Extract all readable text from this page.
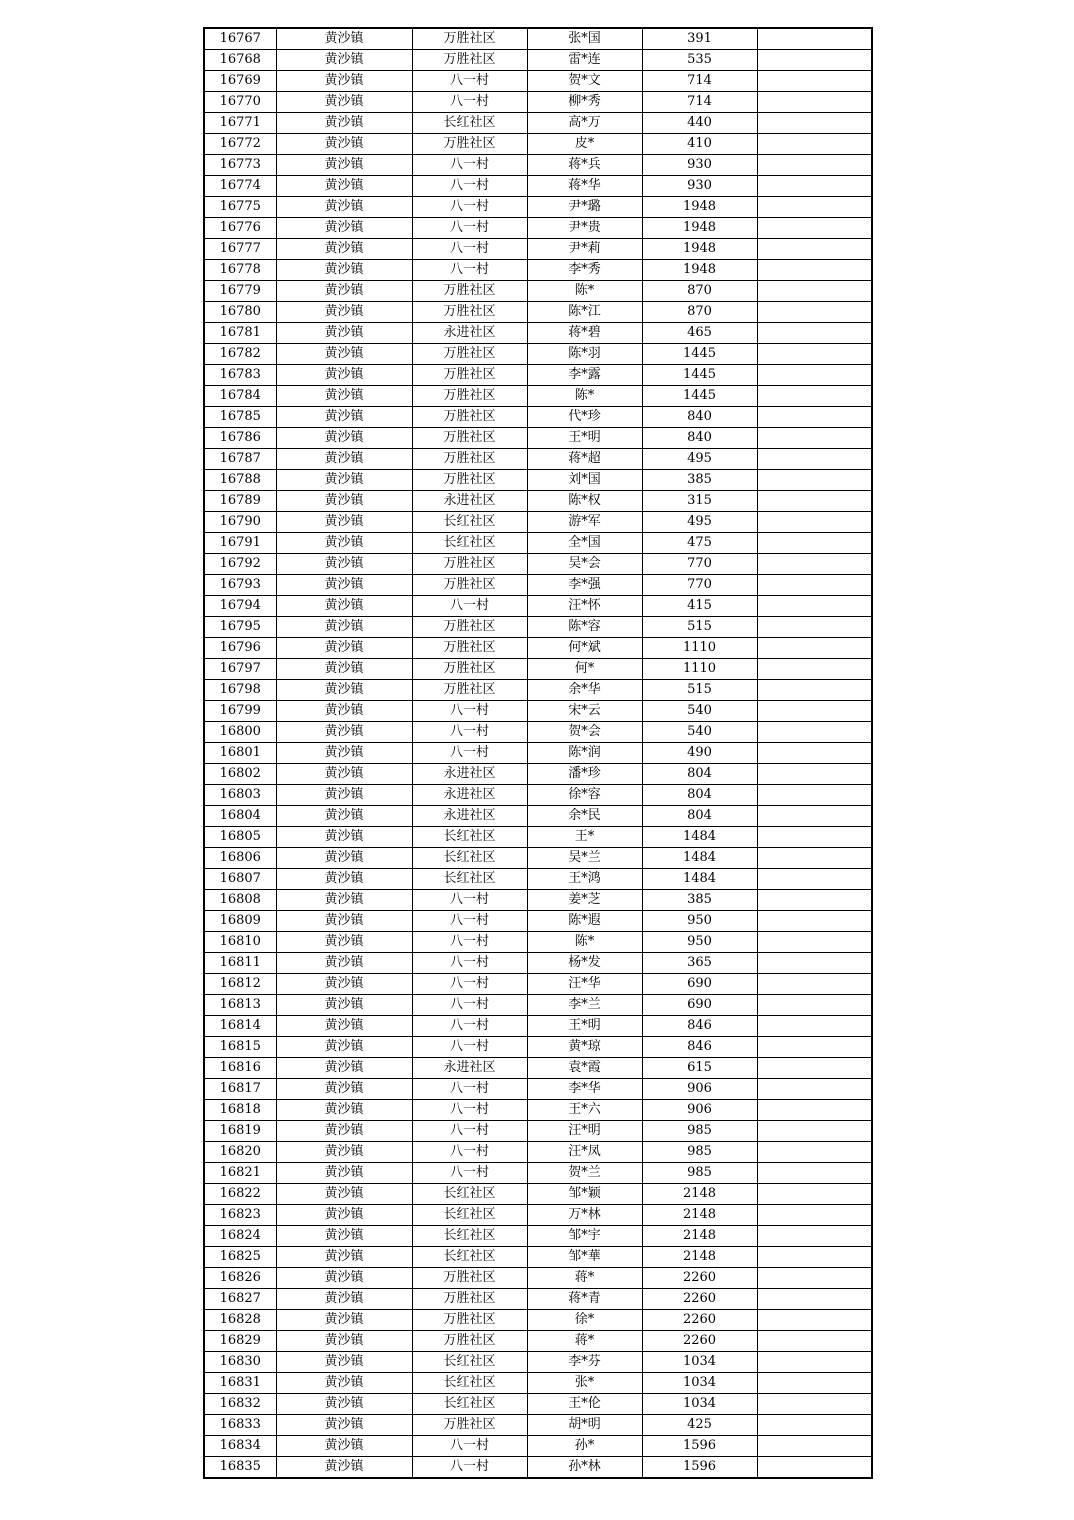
16767	黄沙镇	万胜社区	张*国	391	
16768	黄沙镇	万胜社区	雷*连	535	
16769	黄沙镇	八一村	贺*文	714	
16770	黄沙镇	八一村	柳*秀	714	
16771	黄沙镇	长红社区	高*万	440	
16772	黄沙镇	万胜社区	皮*	410	
16773	黄沙镇	八一村	蒋*兵	930	
16774	黄沙镇	八一村	蒋*华	930	
16775	黄沙镇	八一村	尹*璐	1948	
16776	黄沙镇	八一村	尹*贵	1948	
16777	黄沙镇	八一村	尹*莉	1948	
16778	黄沙镇	八一村	李*秀	1948	
16779	黄沙镇	万胜社区	陈*	870	
16780	黄沙镇	万胜社区	陈*江	870	
16781	黄沙镇	永进社区	蒋*碧	465	
16782	黄沙镇	万胜社区	陈*羽	1445	
16783	黄沙镇	万胜社区	李*露	1445	
16784	黄沙镇	万胜社区	陈*	1445	
16785	黄沙镇	万胜社区	代*珍	840	
16786	黄沙镇	万胜社区	王*明	840	
16787	黄沙镇	万胜社区	蒋*超	495	
16788	黄沙镇	万胜社区	刘*国	385	
16789	黄沙镇	永进社区	陈*权	315	
16790	黄沙镇	长红社区	游*军	495	
16791	黄沙镇	长红社区	全*国	475	
16792	黄沙镇	万胜社区	吴*会	770	
16793	黄沙镇	万胜社区	李*强	770	
16794	黄沙镇	八一村	汪*怀	415	
16795	黄沙镇	万胜社区	陈*容	515	
16796	黄沙镇	万胜社区	何*斌	1110	
16797	黄沙镇	万胜社区	何*	1110	
16798	黄沙镇	万胜社区	余*华	515	
16799	黄沙镇	八一村	宋*云	540	
16800	黄沙镇	八一村	贺*会	540	
16801	黄沙镇	八一村	陈*润	490	
16802	黄沙镇	永进社区	潘*珍	804	
16803	黄沙镇	永进社区	徐*容	804	
16804	黄沙镇	永进社区	余*民	804	
16805	黄沙镇	长红社区	王*	1484	
16806	黄沙镇	长红社区	吴*兰	1484	
16807	黄沙镇	长红社区	王*鸿	1484	
16808	黄沙镇	八一村	姜*芝	385	
16809	黄沙镇	八一村	陈*遐	950	
16810	黄沙镇	八一村	陈*	950	
16811	黄沙镇	八一村	杨*发	365	
16812	黄沙镇	八一村	汪*华	690	
16813	黄沙镇	八一村	李*兰	690	
16814	黄沙镇	八一村	王*明	846	
16815	黄沙镇	八一村	黄*琼	846	
16816	黄沙镇	永进社区	袁*霞	615	
16817	黄沙镇	八一村	李*华	906	
16818	黄沙镇	八一村	王*六	906	
16819	黄沙镇	八一村	汪*明	985	
16820	黄沙镇	八一村	汪*凤	985	
16821	黄沙镇	八一村	贺*兰	985	
16822	黄沙镇	长红社区	邹*颖	2148	
16823	黄沙镇	长红社区	万*林	2148	
16824	黄沙镇	长红社区	邹*宇	2148	
16825	黄沙镇	长红社区	邹*華	2148	
16826	黄沙镇	万胜社区	蒋*	2260	
16827	黄沙镇	万胜社区	蒋*青	2260	
16828	黄沙镇	万胜社区	徐*	2260	
16829	黄沙镇	万胜社区	蒋*	2260	
16830	黄沙镇	长红社区	李*芬	1034	
16831	黄沙镇	长红社区	张*	1034	
16832	黄沙镇	长红社区	王*伦	1034	
16833	黄沙镇	万胜社区	胡*明	425	
16834	黄沙镇	八一村	孙*	1596	
16835	黄沙镇	八一村	孙*林	1596	
